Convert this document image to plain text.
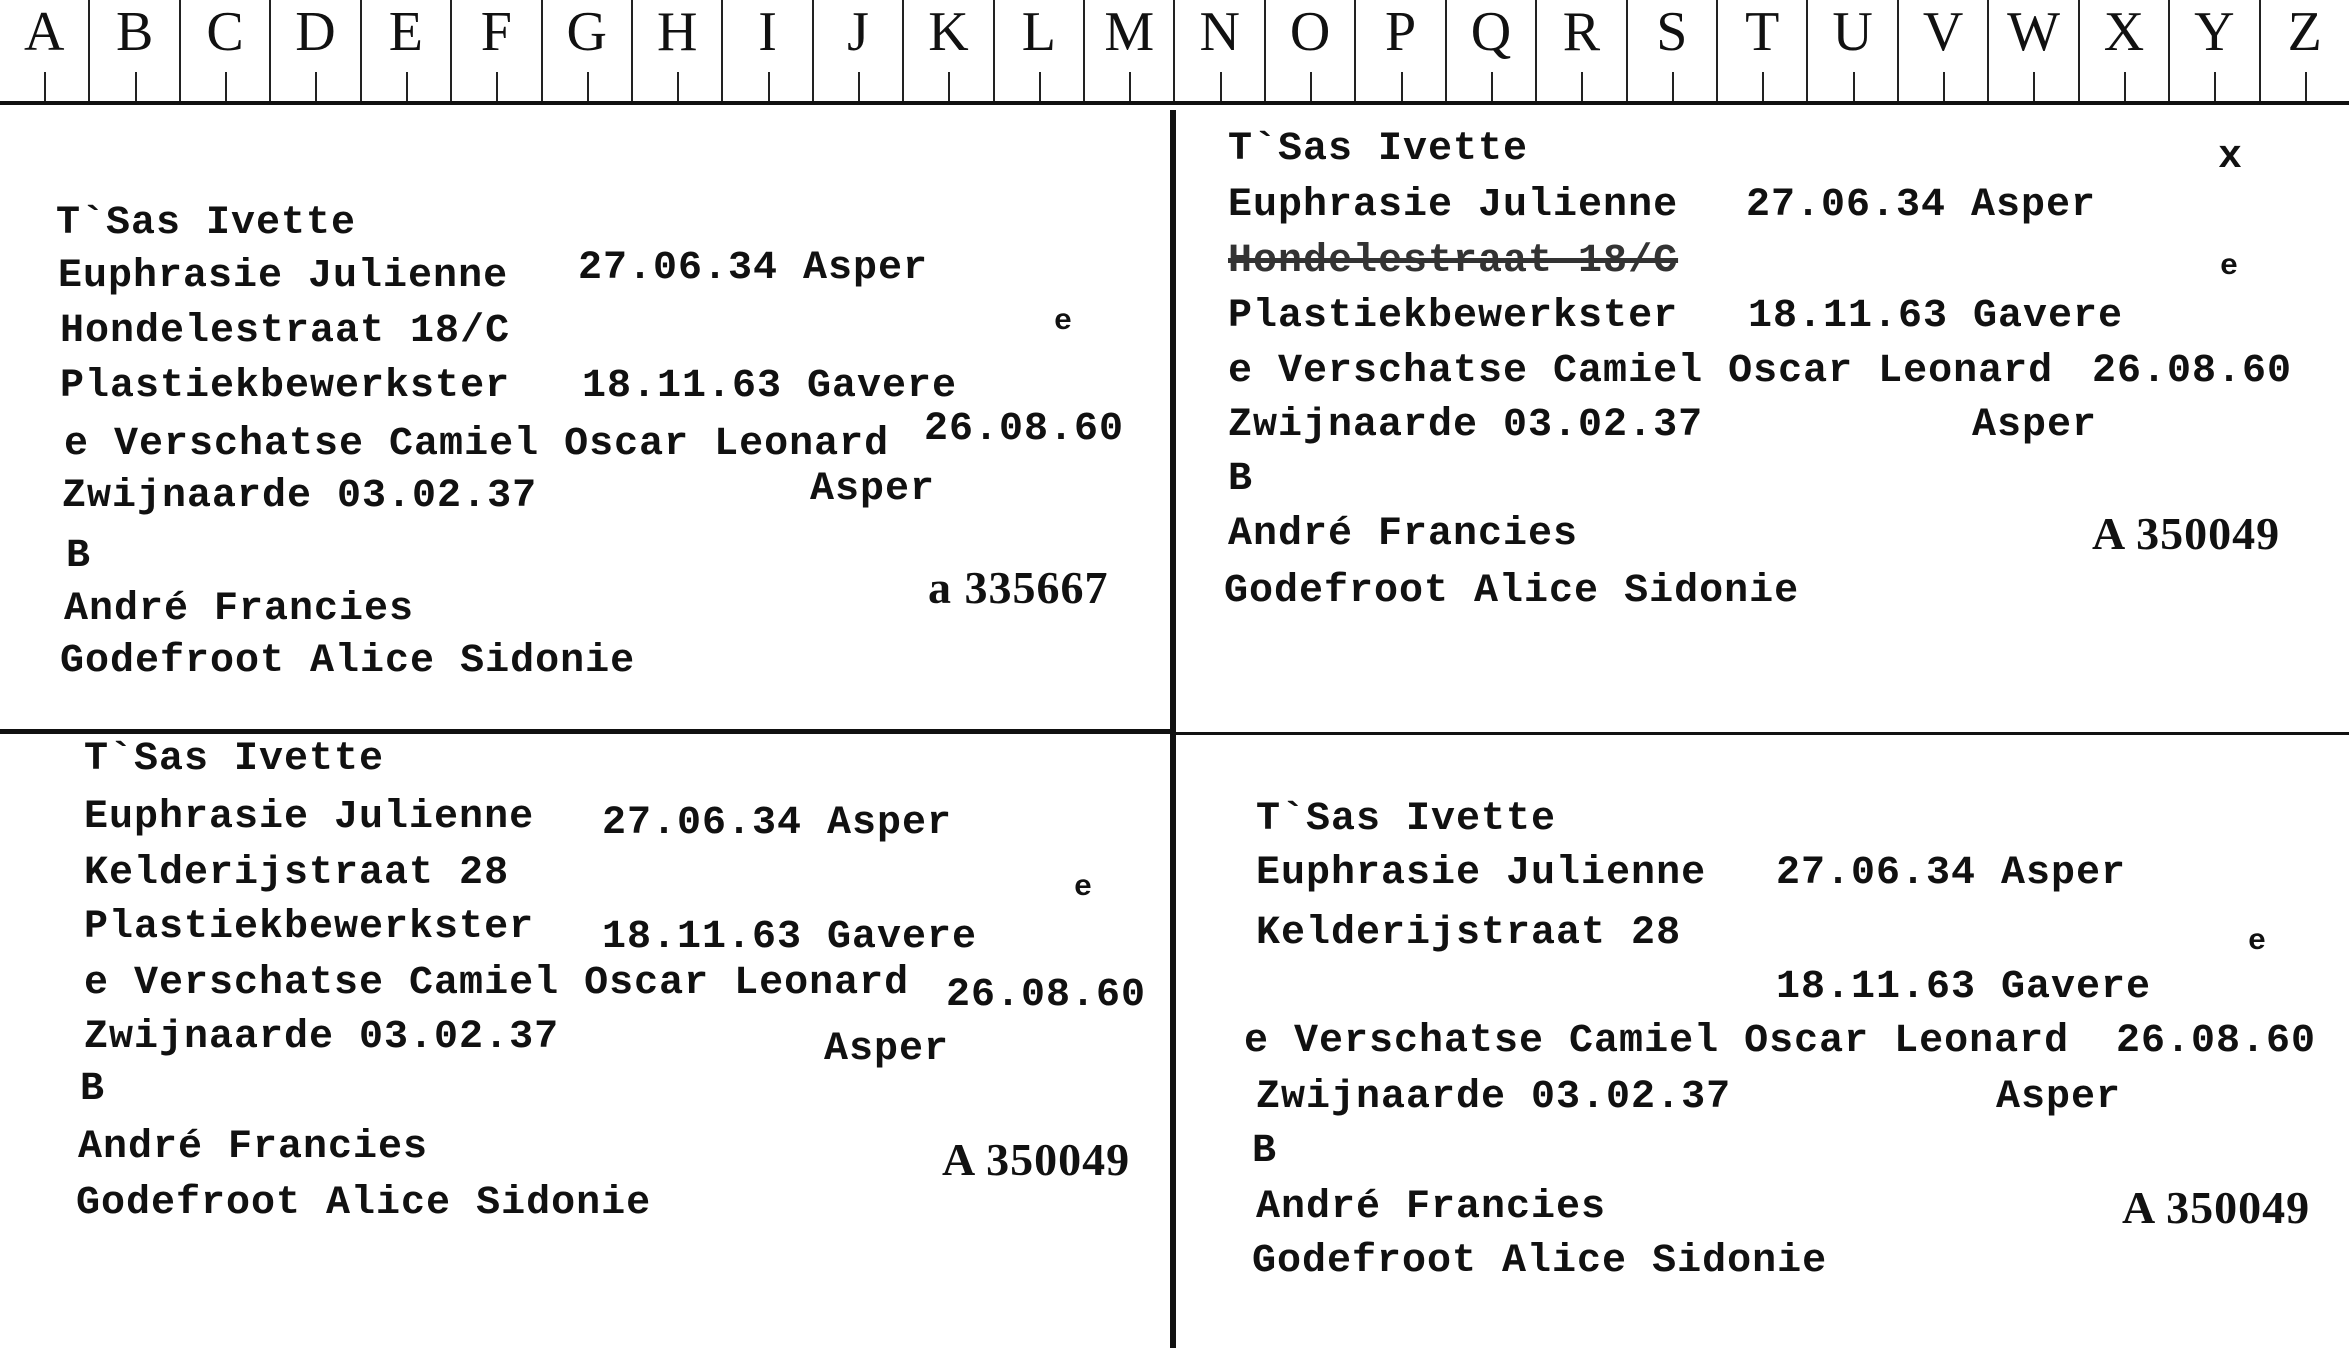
A B C D E	F G H	I	J	K L M N O P Q R	S	T U V W X Y Z
T`Sas Ivette
Euphrasie Julienne 27.06.34 Asper
Hondelestraat 18/C	e
Plastiekbewerkster 18.11.63 Gavere
e Verschatse Camiel Oscar Leonard 26.08.60
Zwijnaarde 03.02.37	Asper
B
André Francies	a 335667
Godefroot Alice Sidonie
T`Sas Ivette	x
Euphrasie Julienne 27.06.34 Asper
Hondelestraat 18/C	e
Plastiekbewerkster 18.11.63 Gavere
e Verschatse Camiel Oscar Leonard 26.08.60
Zwijnaarde 03.02.37	Asper
B
André Francies	A 350049
Godefroot Alice Sidonie
T`Sas Ivette
Euphrasie Julienne 27.06.34 Asper
Kelderijstraat 28	e
Plastiekbewerkster 18.11.63 Gavere
e Verschatse Camiel Oscar Leonard 26.08.60
Zwijnaarde 03.02.37	Asper
B
André Francies	A 350049
Godefroot Alice Sidonie
T`Sas Ivette
Euphrasie Julienne 27.06.34 Asper
Kelderijstraat 28	e
18.11.63 Gavere
e Verschatse Camiel Oscar Leonard 26.08.60
Zwijnaarde 03.02.37	Asper
B
André Francies	A 350049
Godefroot Alice Sidonie
